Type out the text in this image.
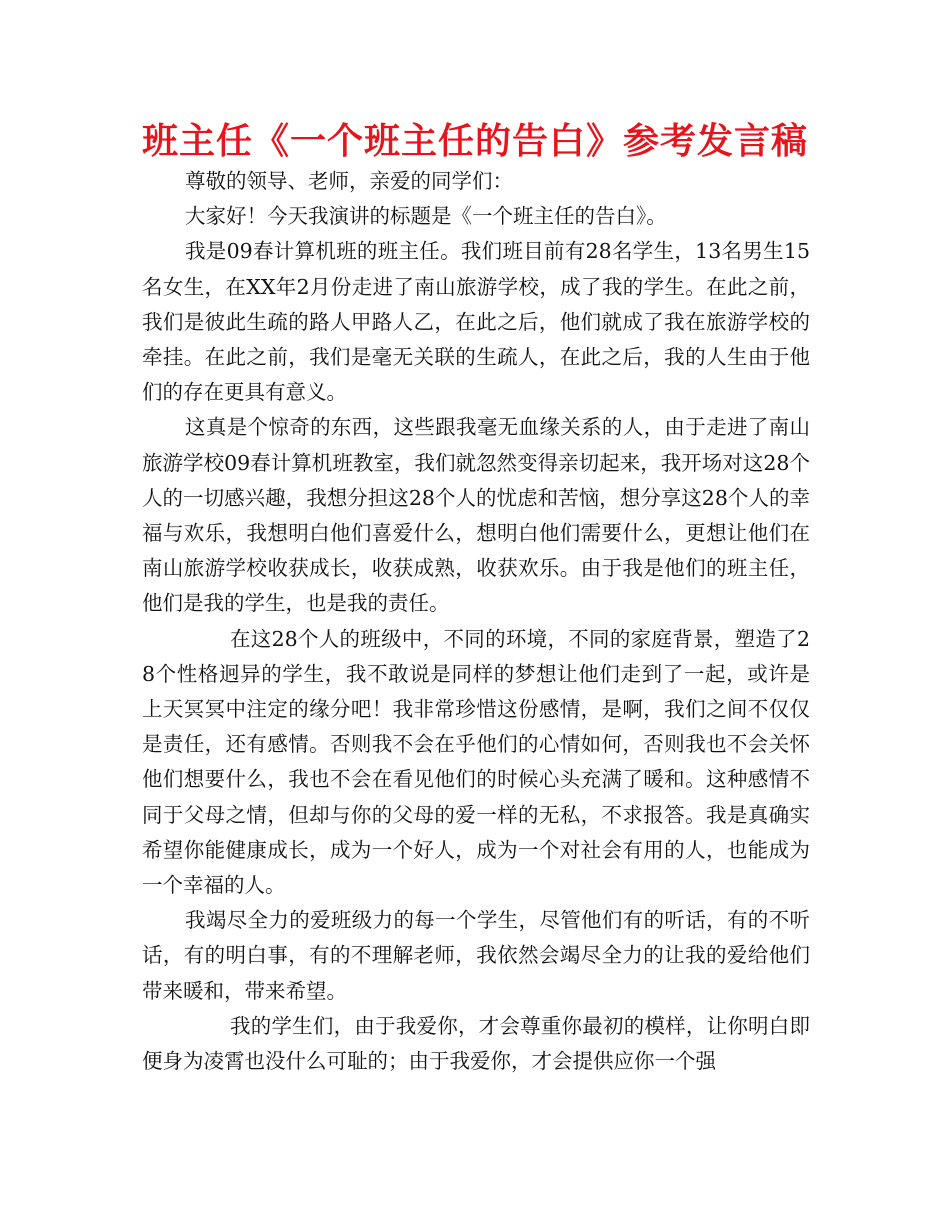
班主任《一个班主任的告白》参考发言稿

尊敬的领导、老师，亲爱的同学们：

大家好！今天我演讲的标题是《一个班主任的告白》。

我是09春计算机班的班主任。我们班目前有28名学生，13名男生15名女生，在XX年2月份走进了南山旅游学校，成了我的学生。在此之前，我们是彼此生疏的路人甲路人乙，在此之后，他们就成了我在旅游学校的牵挂。在此之前，我们是毫无关联的生疏人，在此之后，我的人生由于他们的存在更具有意义。

这真是个惊奇的东西，这些跟我毫无血缘关系的人，由于走进了南山旅游学校09春计算机班教室，我们就忽然变得亲切起来，我开场对这28个人的一切感兴趣，我想分担这28个人的忧虑和苦恼，想分享这28个人的幸福与欢乐，我想明白他们喜爱什么，想明白他们需要什么，更想让他们在南山旅游学校收获成长，收获成熟，收获欢乐。由于我是他们的班主任，他们是我的学生，也是我的责任。

在这28个人的班级中，不同的环境，不同的家庭背景，塑造了28个性格迥异的学生，我不敢说是同样的梦想让他们走到了一起，或许是上天冥冥中注定的缘分吧！我非常珍惜这份感情，是啊，我们之间不仅仅是责任，还有感情。否则我不会在乎他们的心情如何，否则我也不会关怀他们想要什么，我也不会在看见他们的时候心头充满了暖和。这种感情不同于父母之情，但却与你的父母的爱一样的无私，不求报答。我是真确实希望你能健康成长，成为一个好人，成为一个对社会有用的人，也能成为一个幸福的人。

我竭尽全力的爱班级力的每一个学生，尽管他们有的听话，有的不听话，有的明白事，有的不理解老师，我依然会竭尽全力的让我的爱给他们带来暖和，带来希望。

我的学生们，由于我爱你，才会尊重你最初的模样，让你明白即便身为凌霄也没什么可耻的；由于我爱你，才会提供应你一个强
